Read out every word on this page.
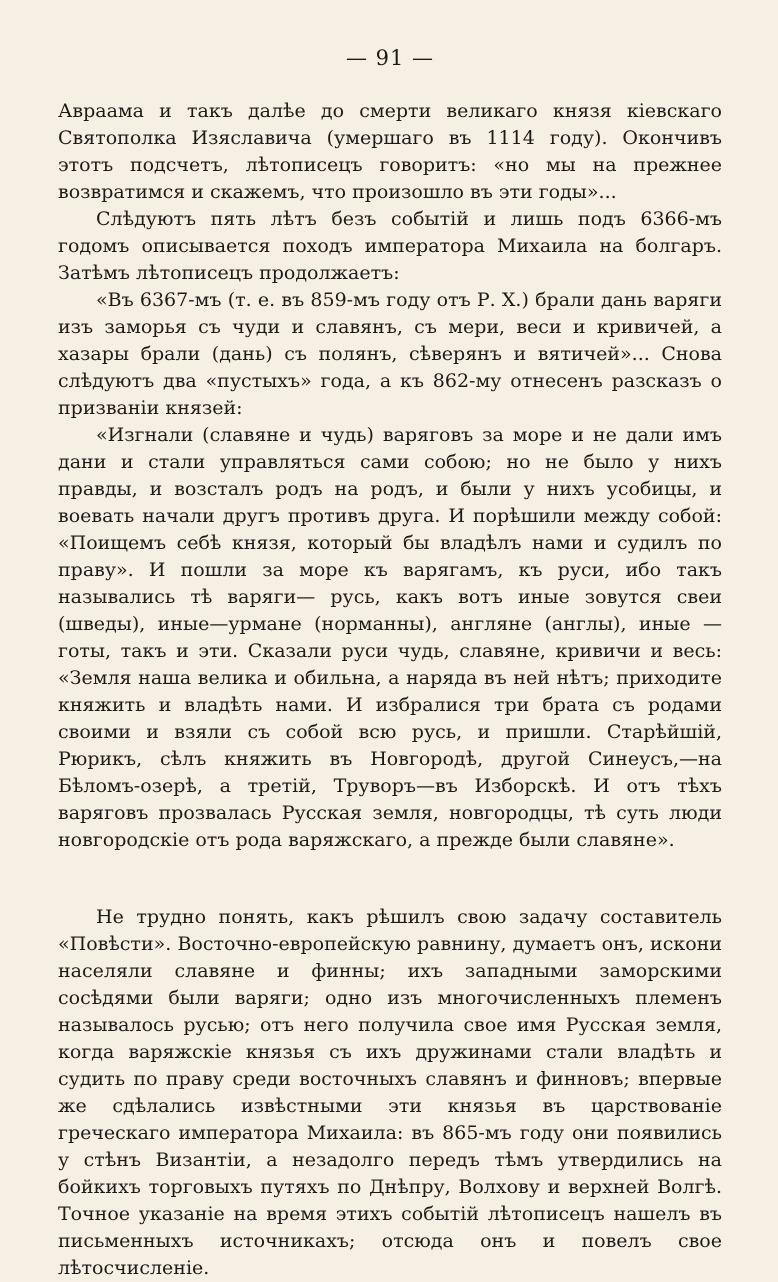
— 91 —

Авраама и такъ далѣе до смерти великаго князя кіевскаго Святополка Изяславича (умершаго въ 1114 году). Окончивъ этотъ подсчетъ, лѣтописецъ говоритъ: «но мы на прежнее возвратимся и скажемъ, что произошло въ эти годы»...

Слѣдуютъ пять лѣтъ безъ событій и лишь подъ 6366-мъ годомъ описывается походъ императора Михаила на болгаръ. Затѣмъ лѣтописецъ продолжаетъ:

«Въ 6367-мъ (т. е. въ 859-мъ году отъ Р. Х.) брали дань варяги изъ заморья съ чуди и славянъ, съ мери, веси и кривичей, а хазары брали (дань) съ полянъ, сѣверянъ и вятичей»... Снова слѣдуютъ два «пустыхъ» года, а къ 862-му отнесенъ разсказъ о призваніи князей:

«Изгнали (славяне и чудь) варяговъ за море и не дали имъ дани и стали управляться сами собою; но не было у нихъ правды, и возсталъ родъ на родъ, и были у нихъ усобицы, и воевать начали другъ противъ друга. И порѣшили между собой: «Поищемъ себѣ князя, который бы владѣлъ нами и судилъ по праву». И пошли за море къ варягамъ, къ руси, ибо такъ назывались тѣ варяги— русь, какъ вотъ иные зовутся свеи (шведы), иные—урмане (норманны), англяне (англы), иные — готы, такъ и эти. Сказали руси чудь, славяне, кривичи и весь: «Земля наша велика и обильна, а наряда въ ней нѣтъ; приходите княжить и владѣть нами. И избралися три брата съ родами своими и взяли съ собой всю русь, и пришли. Старѣйшій, Рюрикъ, сѣлъ княжить въ Новгородѣ, другой Синеусъ,—на Бѣломъ-озерѣ, а третій, Труворъ—въ Изборскѣ. И отъ тѣхъ варяговъ прозвалась Русская земля, новгородцы, тѣ суть люди новгородскіе отъ рода варяжскаго, а прежде были славяне».

Не трудно понять, какъ рѣшилъ свою задачу составитель «Повѣсти». Восточно-европейскую равнину, думаетъ онъ, искони населяли славяне и финны; ихъ западными заморскими сосѣдями были варяги; одно изъ многочисленныхъ племенъ называлось русью; отъ него получила свое имя Русская земля, когда варяжскіе князья съ ихъ дружинами стали владѣть и судить по праву среди восточныхъ славянъ и финновъ; впервые же сдѣлались извѣстными эти князья въ царствованіе греческаго императора Михаила: въ 865-мъ году они появились у стѣнъ Византіи, а незадолго передъ тѣмъ утвердились на бойкихъ торговыхъ путяхъ по Днѣпру, Волхову и верхней Волгѣ. Точное указаніе на время этихъ событій лѣтописецъ нашелъ въ письменныхъ источникахъ; отсюда онъ и повелъ свое лѣтосчисленіе.
